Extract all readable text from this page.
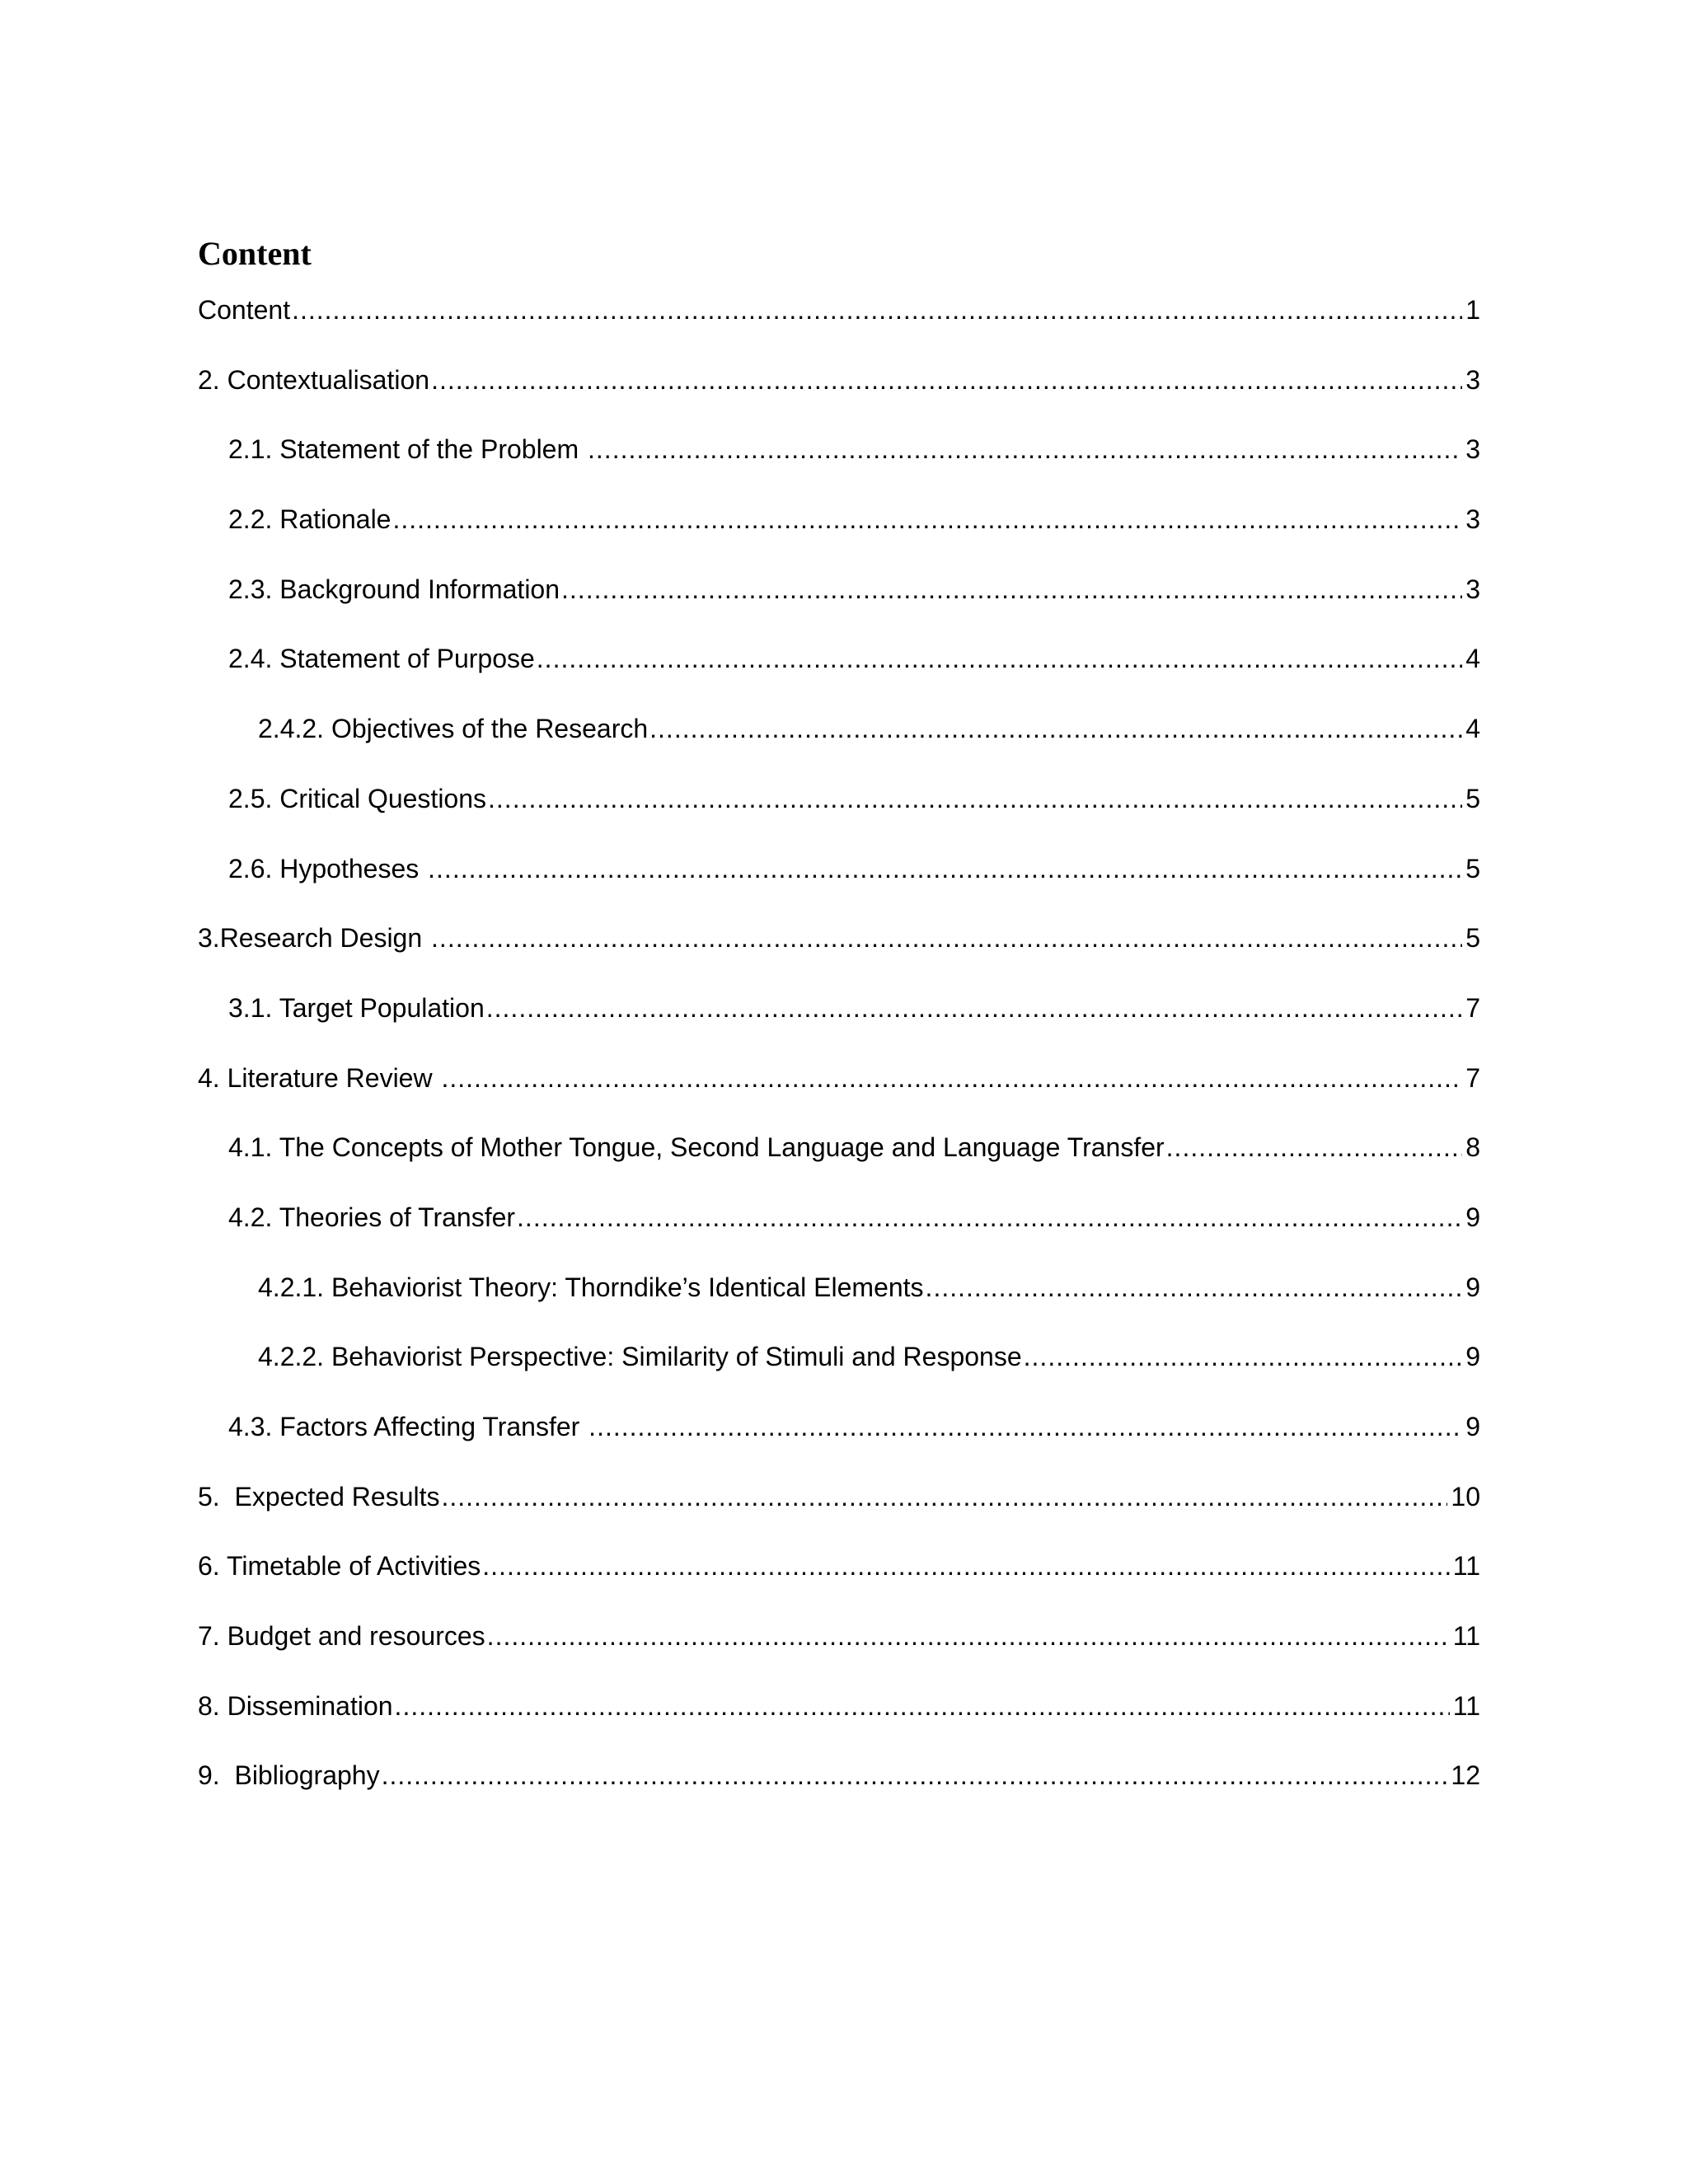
Content
Content .....	1
2. Contextualisation .....	3
2.1. Statement of the Problem .....	3
2.2. Rationale .....	3
2.3. Background Information .....	3
2.4. Statement of Purpose .....	4
2.4.2. Objectives of the Research .....	4
2.5. Critical Questions .....	5
2.6. Hypotheses .....	5
3.Research Design .....	5
3.1. Target Population .....	7
4. Literature Review .....	7
4.1. The Concepts of Mother Tongue, Second Language and Language Transfer .....	8
4.2. Theories of Transfer .....	9
4.2.1. Behaviorist Theory: Thorndike’s Identical Elements .....	9
4.2.2. Behaviorist Perspective: Similarity of Stimuli and Response .....	9
4.3. Factors Affecting Transfer .....	9
5.  Expected Results .....	10
6. Timetable of Activities .....	11
7. Budget and resources .....	11
8. Dissemination .....	11
9.  Bibliography .....	12
